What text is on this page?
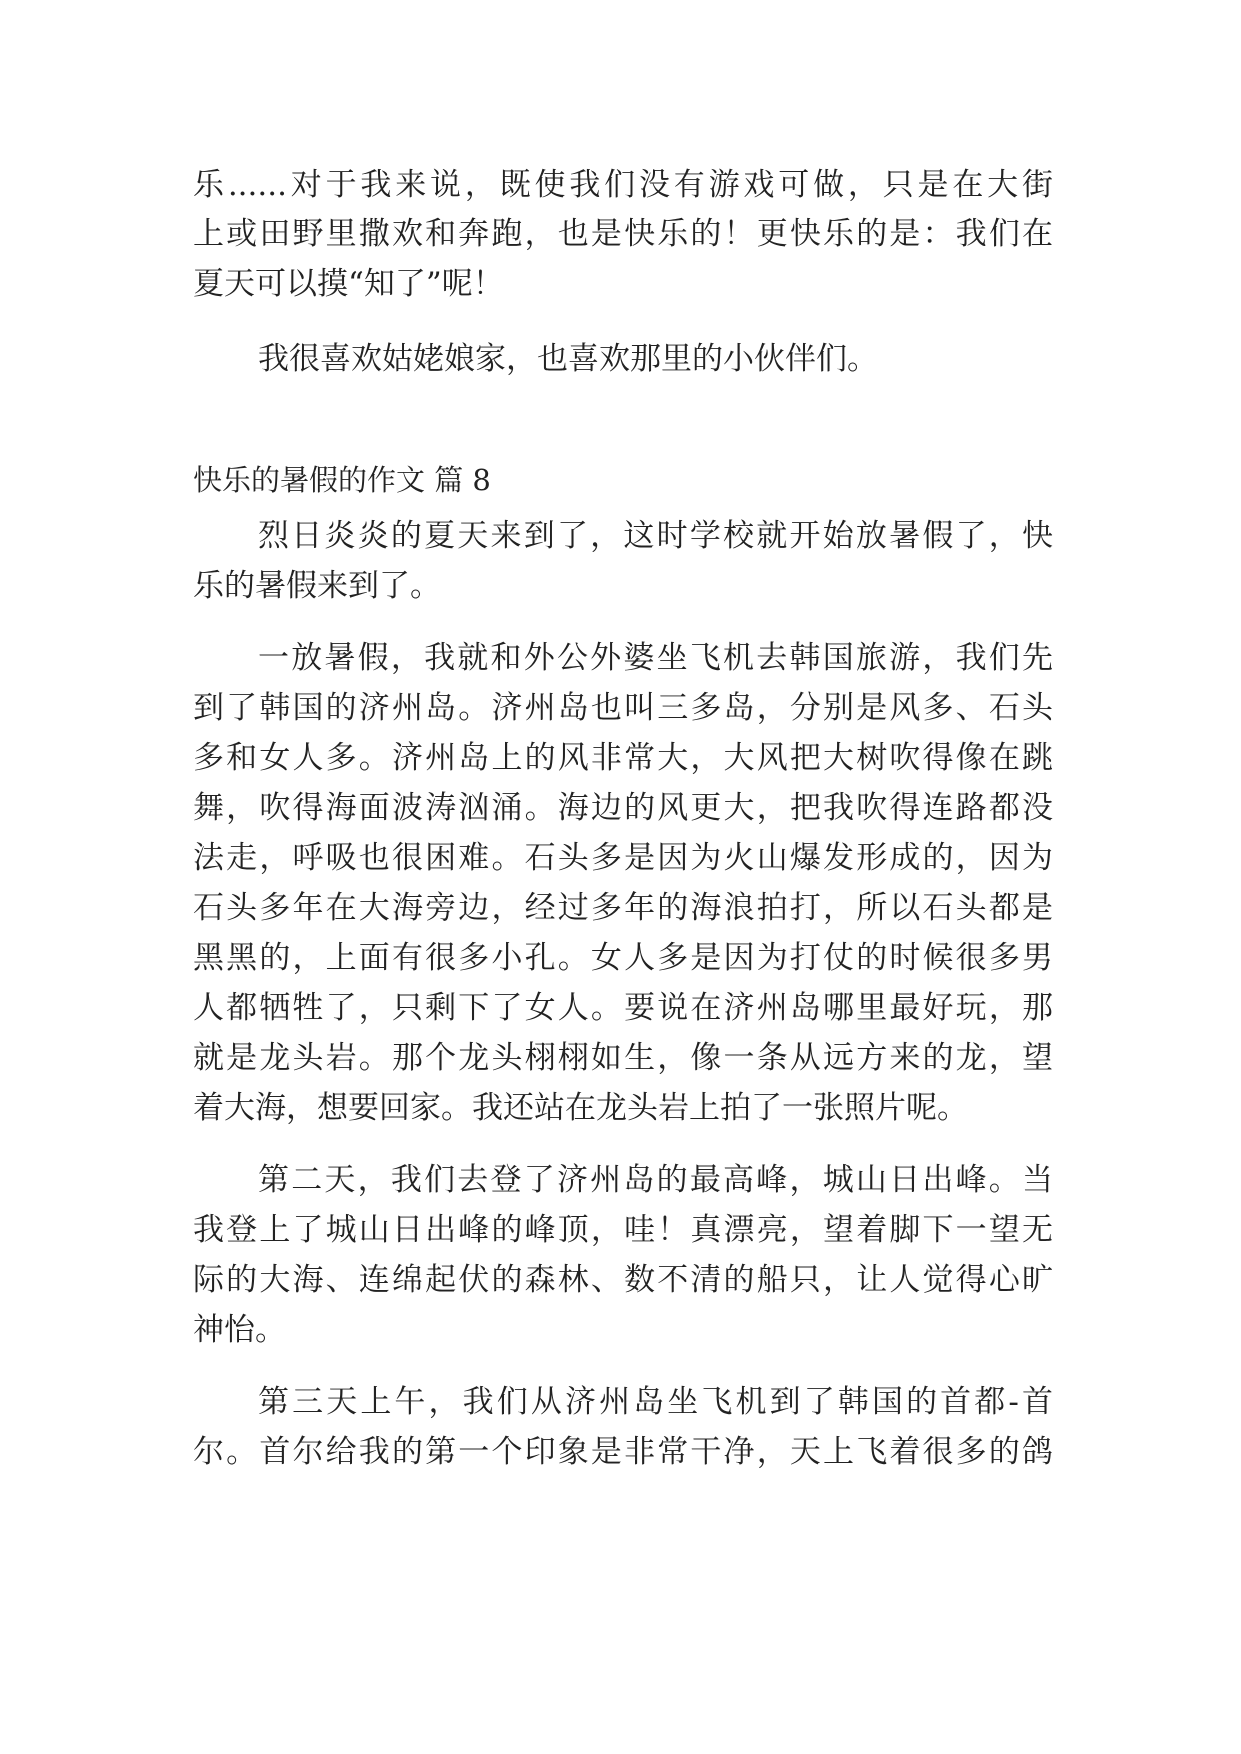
乐......对于我来说，既使我们没有游戏可做，只是在大街
上或田野里撒欢和奔跑，也是快乐的！更快乐的是：我们在
夏天可以摸“知了”呢！
我很喜欢姑姥娘家，也喜欢那里的小伙伴们。
快乐的暑假的作文 篇 8
烈日炎炎的夏天来到了，这时学校就开始放暑假了，快
乐的暑假来到了。
一放暑假，我就和外公外婆坐飞机去韩国旅游，我们先
到了韩国的济州岛。济州岛也叫三多岛，分别是风多、石头
多和女人多。济州岛上的风非常大，大风把大树吹得像在跳
舞，吹得海面波涛汹涌。海边的风更大，把我吹得连路都没
法走，呼吸也很困难。石头多是因为火山爆发形成的，因为
石头多年在大海旁边，经过多年的海浪拍打，所以石头都是
黑黑的，上面有很多小孔。女人多是因为打仗的时候很多男
人都牺牲了，只剩下了女人。要说在济州岛哪里最好玩，那
就是龙头岩。那个龙头栩栩如生，像一条从远方来的龙，望
着大海，想要回家。我还站在龙头岩上拍了一张照片呢。
第二天，我们去登了济州岛的最高峰，城山日出峰。当
我登上了城山日出峰的峰顶，哇！真漂亮，望着脚下一望无
际的大海、连绵起伏的森林、数不清的船只，让人觉得心旷
神怡。
第三天上午，我们从济州岛坐飞机到了韩国的首都-首
尔。首尔给我的第一个印象是非常干净，天上飞着很多的鸽
